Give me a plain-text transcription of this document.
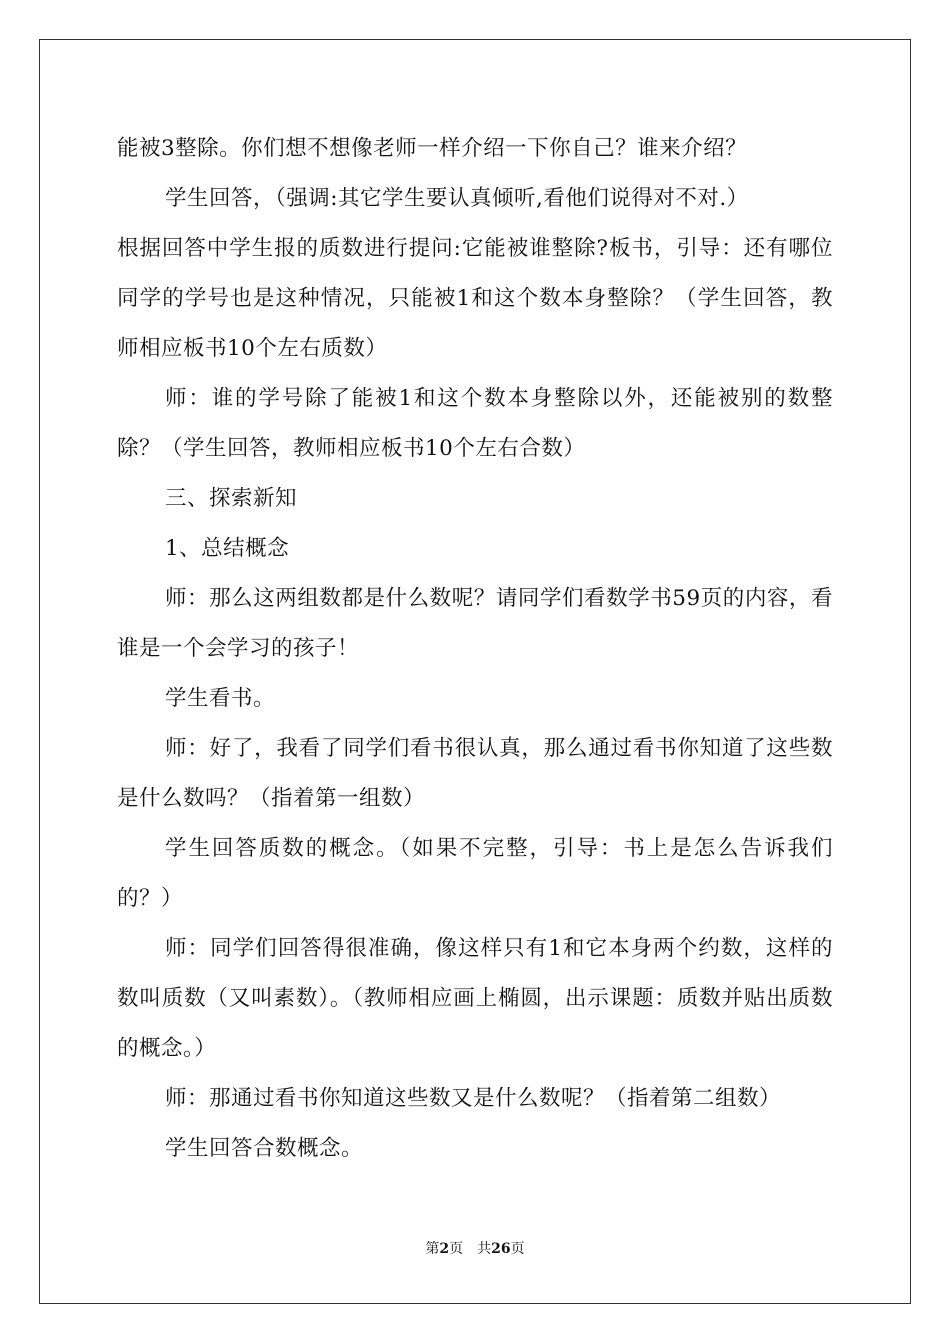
能被3整除。你们想不想像老师一样介绍一下你自己？谁来介绍？

学生回答，（强调:其它学生要认真倾听,看他们说得对不对.）

根据回答中学生报的质数进行提问:它能被谁整除?板书，引导：还有哪位同学的学号也是这种情况，只能被1和这个数本身整除？（学生回答，教师相应板书10个左右质数）

师：谁的学号除了能被1和这个数本身整除以外，还能被别的数整除？（学生回答，教师相应板书10个左右合数）

三、探索新知

1、总结概念

师：那么这两组数都是什么数呢？请同学们看数学书59页的内容，看谁是一个会学习的孩子！

学生看书。

师：好了，我看了同学们看书很认真，那么通过看书你知道了这些数是什么数吗？（指着第一组数）

学生回答质数的概念。（如果不完整，引导：书上是怎么告诉我们的？）

师：同学们回答得很准确，像这样只有1和它本身两个约数，这样的数叫质数（又叫素数）。（教师相应画上椭圆，出示课题：质数并贴出质数的概念。）

师：那通过看书你知道这些数又是什么数呢？（指着第二组数）

学生回答合数概念。

第2页　共26页
